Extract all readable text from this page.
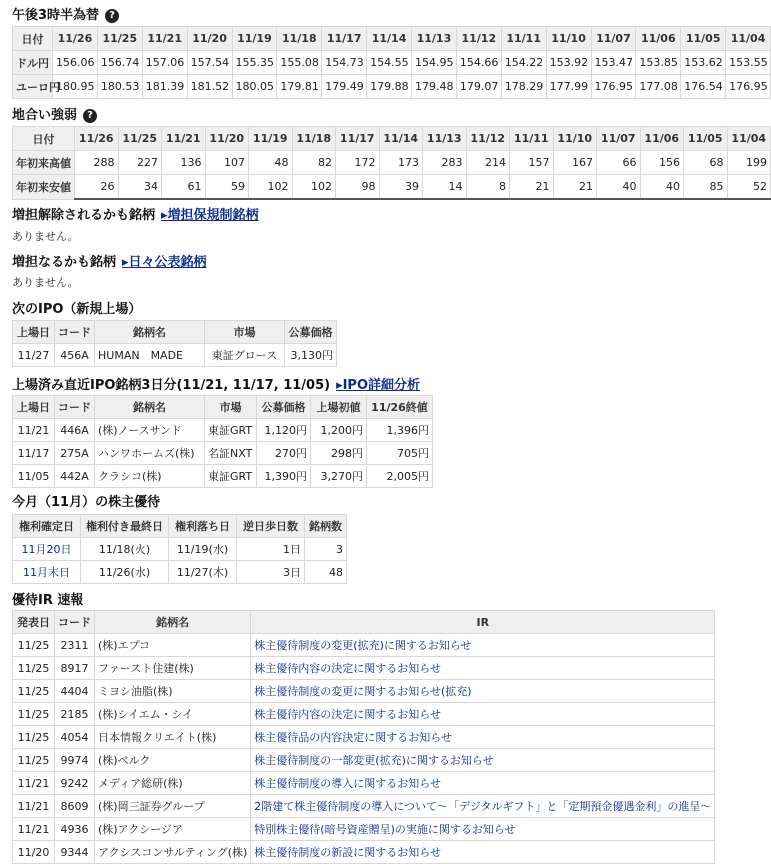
午後3時半為替 ?
日付	11/26	11/25	11/21	11/20	11/19	11/18	11/17	11/14	11/13	11/12	11/11	11/10	11/07	11/06	11/05	11/04
ドル円	156.06	156.74	157.06	157.54	155.35	155.08	154.73	154.55	154.95	154.66	154.22	153.92	153.47	153.85	153.62	153.55
ユーロ円	180.95	180.53	181.39	181.52	180.05	179.81	179.49	179.88	179.48	179.07	178.29	177.99	176.95	177.08	176.54	176.95
地合い強弱 ?
日付	11/26	11/25	11/21	11/20	11/19	11/18	11/17	11/14	11/13	11/12	11/11	11/10	11/07	11/06	11/05	11/04
年初来高値	288	227	136	107	48	82	172	173	283	214	157	167	66	156	68	199
年初来安値	26	34	61	59	102	102	98	39	14	8	21	21	40	40	85	52
増担解除されるかも銘柄 ▸増担保規制銘柄
ありません。
増担なるかも銘柄 ▸日々公表銘柄
ありません。
次のIPO（新規上場）
上場日	コード	銘柄名	市場	公募価格
11/27	456A	HUMAN　MADE	東証グロース	3,130円
上場済み直近IPO銘柄3日分(11/21, 11/17, 11/05) ▸IPO詳細分析
上場日	コード	銘柄名	市場	公募価格	上場初値	11/26終値
11/21	446A	(株)ノースサンド	東証GRT	1,120円	1,200円	1,396円
11/17	275A	ハンワホームズ(株)	名証NXT	270円	298円	705円
11/05	442A	クラシコ(株)	東証GRT	1,390円	3,270円	2,005円
今月（11月）の株主優待
権利確定日	権利付き最終日	権利落ち日	逆日歩日数	銘柄数
11月20日	11/18(火)	11/19(水)	1日	3
11月末日	11/26(水)	11/27(木)	3日	48
優待IR 速報
発表日	コード	銘柄名	IR
11/25	2311	(株)エプコ	株主優待制度の変更(拡充)に関するお知らせ
11/25	8917	ファースト住建(株)	株主優待内容の決定に関するお知らせ
11/25	4404	ミヨシ油脂(株)	株主優待制度の変更に関するお知らせ(拡充)
11/25	2185	(株)シイエム・シイ	株主優待内容の決定に関するお知らせ
11/25	4054	日本情報クリエイト(株)	株主優待品の内容決定に関するお知らせ
11/25	9974	(株)ベルク	株主優待制度の一部変更(拡充)に関するお知らせ
11/21	9242	メディア総研(株)	株主優待制度の導入に関するお知らせ
11/21	8609	(株)岡三証券グループ	2階建て株主優待制度の導入について～「デジタルギフト」と「定期預金優遇金利」の進呈～
11/21	4936	(株)アクシージア	特別株主優待(暗号資産贈呈)の実施に関するお知らせ
11/20	9344	アクシスコンサルティング(株)	株主優待制度の新設に関するお知らせ
